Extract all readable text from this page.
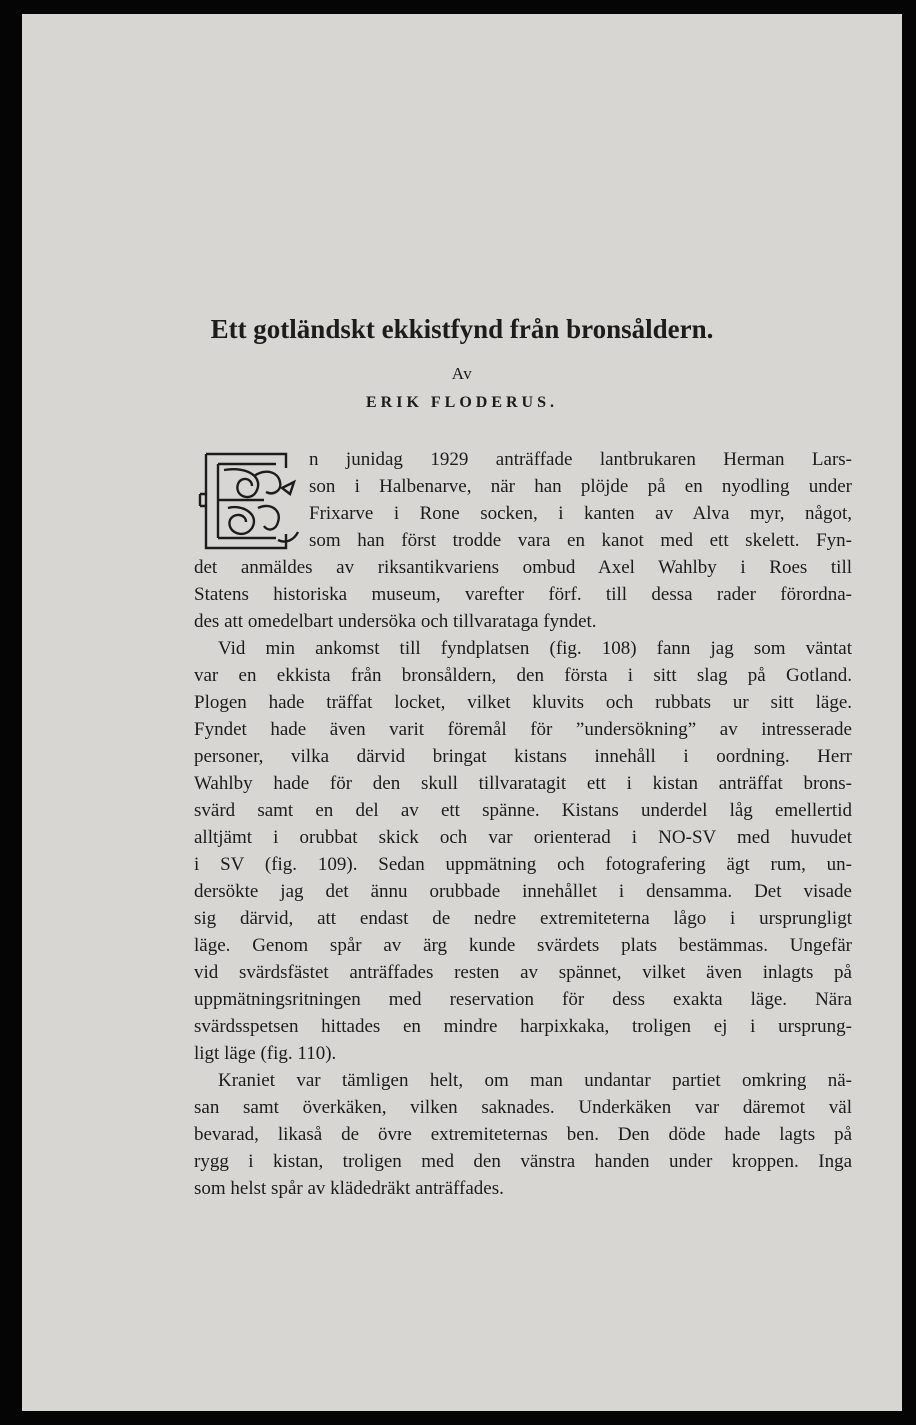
Ett gotländskt ekkistfynd från bronsåldern.
Av
ERIK FLODERUS.
n junidag 1929 anträffade lantbrukaren Herman Lars-
son i Halbenarve, när han plöjde på en nyodling under
Frixarve i Rone socken, i kanten av Alva myr, något,
som han först trodde vara en kanot med ett skelett. Fyn-
det anmäldes av riksantikvariens ombud Axel Wahlby i Roes till
Statens historiska museum, varefter förf. till dessa rader förordna-
des att omedelbart undersöka och tillvaratagа fyndet.
Vid min ankomst till fyndplatsen (fig. 108) fann jag som väntat
var en ekkista från bronsåldern, den första i sitt slag på Gotland.
Plogen hade träffat locket, vilket kluvits och rubbats ur sitt läge.
Fyndet hade även varit föremål för ”undersökning” av intresserade
personer, vilka därvid bringat kistans innehåll i oordning. Herr
Wahlby hade för den skull tillvaratagit ett i kistan anträffat brons-
svärd samt en del av ett spänne. Kistans underdel låg emellertid
alltjämt i orubbat skick och var orienterad i NO-SV med huvudet
i SV (fig. 109). Sedan uppmätning och fotografering ägt rum, un-
dersökte jag det ännu orubbade innehållet i densamma. Det visade
sig därvid, att endast de nedre extremiteterna lågo i ursprungligt
läge. Genom spår av ärg kunde svärdets plats bestämmas. Ungefär
vid svärdsfästet anträffades resten av spännet, vilket även inlagts på
uppmätningsritningen med reservation för dess exakta läge. Nära
svärdsspetsen hittades en mindre harpixkaka, troligen ej i ursprung-
ligt läge (fig. 110).
Kraniet var tämligen helt, om man undantar partiet omkring nä-
san samt överkäken, vilken saknades. Underkäken var däremot väl
bevarad, likaså de övre extremiteternas ben. Den döde hade lagts på
rygg i kistan, troligen med den vänstra handen under kroppen. Inga
som helst spår av klädedräkt anträffades.
